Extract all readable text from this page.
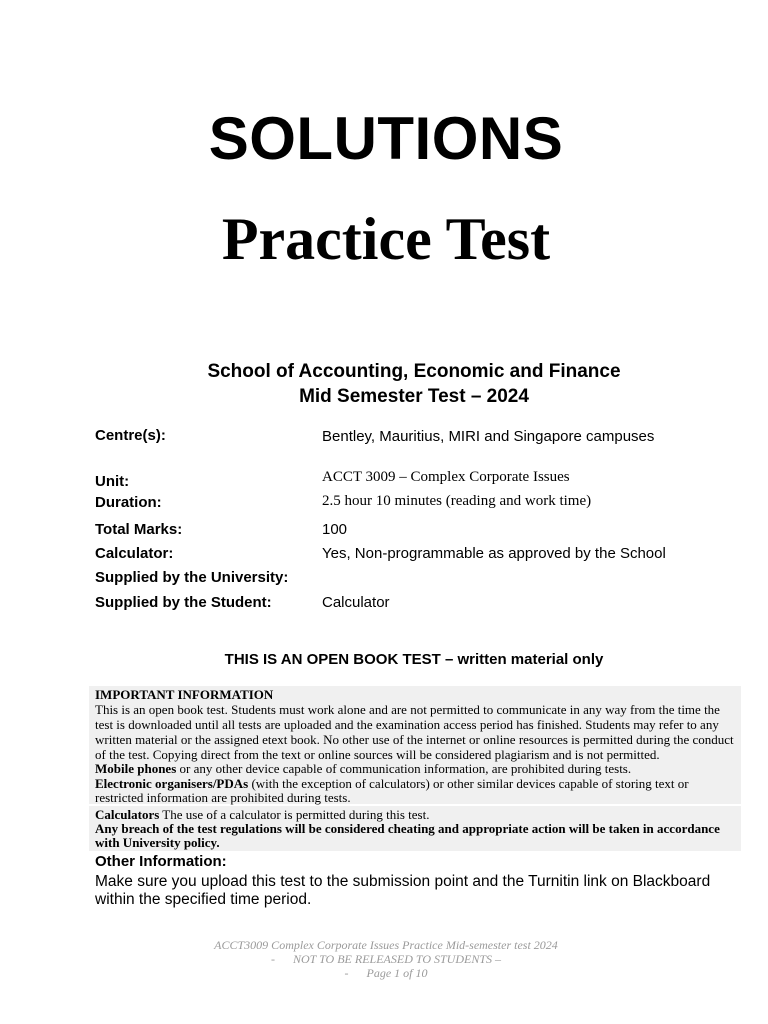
SOLUTIONS
Practice Test
School of Accounting, Economic and Finance
Mid Semester Test – 2024
Centre(s):	Bentley, Mauritius, MIRI and Singapore campuses
Unit:	ACCT 3009 – Complex Corporate Issues
Duration:	2.5 hour 10 minutes (reading and work time)
Total Marks:	100
Calculator:	Yes, Non-programmable as approved by the School
Supplied by the University:
Supplied by the Student:	Calculator
THIS IS AN OPEN BOOK TEST – written material only
IMPORTANT INFORMATION
This is an open book test. Students must work alone and are not permitted to communicate in any way from the time the
test is downloaded until all tests are uploaded and the examination access period has finished. Students may refer to any
written material or the assigned etext book. No other use of the internet or online resources is permitted during the conduct
of the test. Copying direct from the text or online sources will be considered plagiarism and is not permitted.
Mobile phones or any other device capable of communication information, are prohibited during tests.
Electronic organisers/PDAs (with the exception of calculators) or other similar devices capable of storing text or
restricted information are prohibited during tests.
Calculators The use of a calculator is permitted during this test.
Any breach of the test regulations will be considered cheating and appropriate action will be taken in accordance
with University policy.
Other Information:
Make sure you upload this test to the submission point and the Turnitin link on Blackboard within the specified time period.
ACCT3009 Complex Corporate Issues Practice Mid-semester test 2024
- NOT TO BE RELEASED TO STUDENTS –
- Page 1 of 10
